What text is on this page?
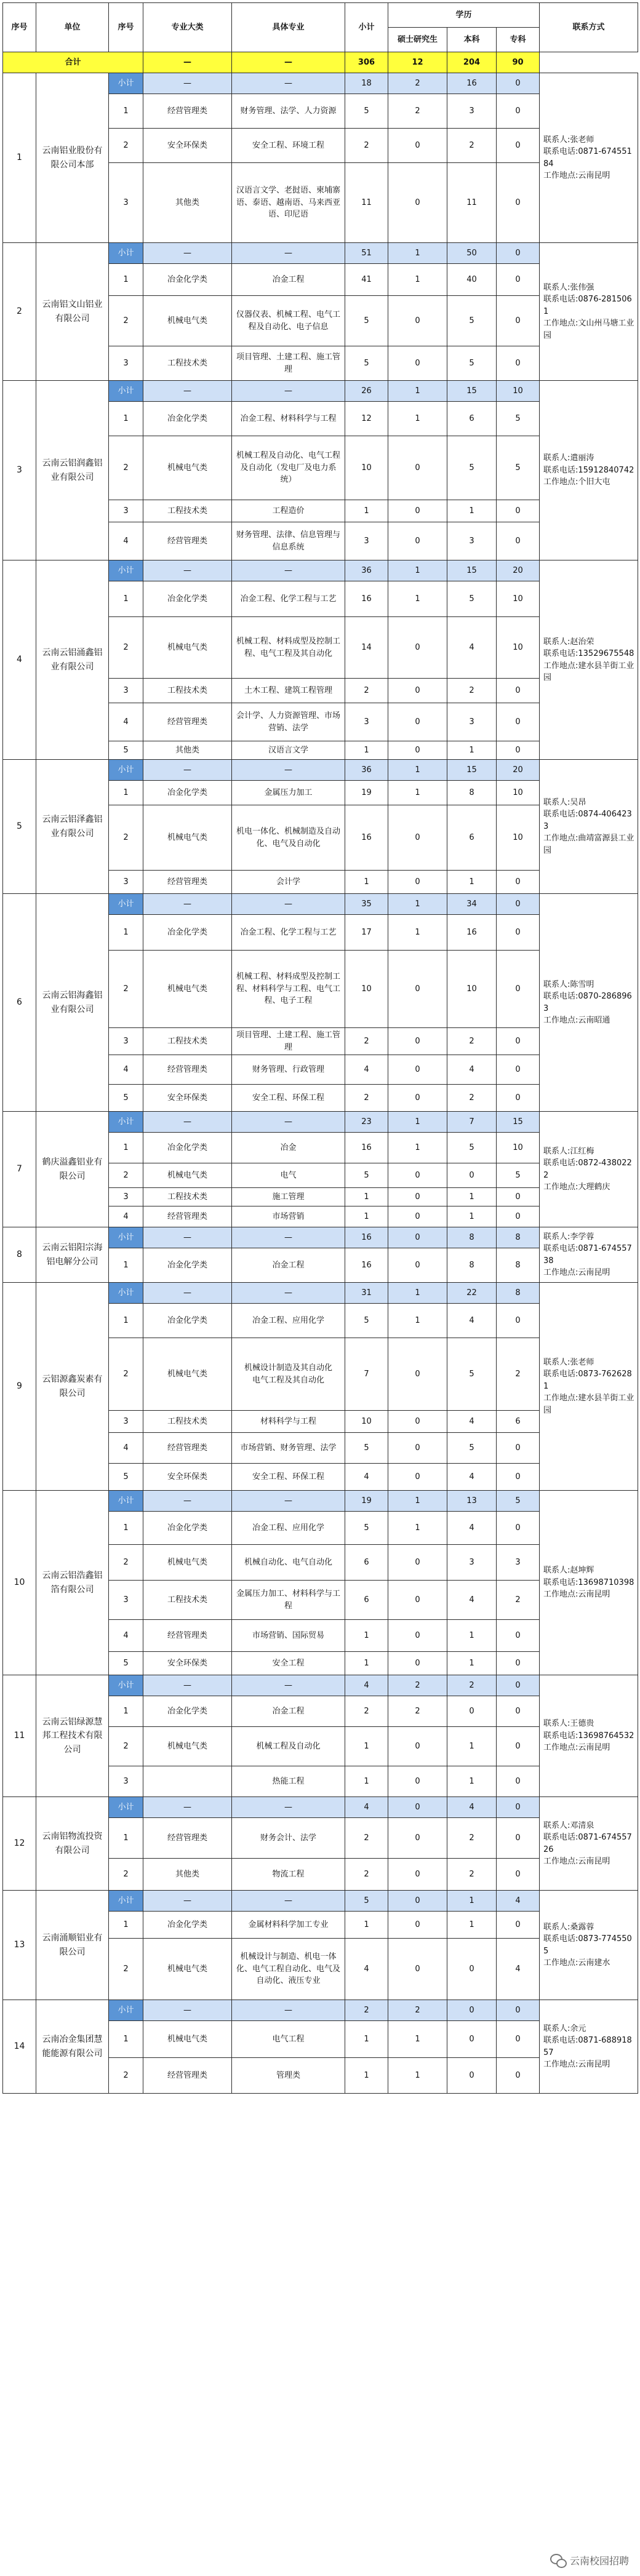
序号	单位	序号	专业大类	具体专业	小计	学历			联系方式
						硕士研究生	本科	专科	
合计			—	—	306	12	204	90	
1	云南铝业股份有限公司本部	小计	—	—	18	2	16	0	联系人:张老师
联系电话:0871-67455184
工作地点:云南昆明
		1	经营管理类	财务管理、法学、人力资源	5	2	3	0	
		2	安全环保类	安全工程、环境工程	2	0	2	0	
		3	其他类	汉语言文学、老挝语、柬埔寨语、泰语、越南语、马来西亚语、印尼语	11	0	11	0	
2	云南铝文山铝业有限公司	小计	—	—	51	1	50	0	联系人:张伟强
联系电话:0876-2815061
工作地点:文山州马塘工业园
		1	冶金化学类	冶金工程	41	1	40	0	
		2	机械电气类	仪器仪表、机械工程、电气工程及自动化、电子信息	5	0	5	0	
		3	工程技术类	项目管理、土建工程、施工管理	5	0	5	0	
3	云南云铝润鑫铝业有限公司	小计	—	—	26	1	15	10	联系人:遣丽涛
联系电话:15912840742
工作地点:个旧大屯
		1	冶金化学类	冶金工程、材料科学与工程	12	1	6	5	
		2	机械电气类	机械工程及自动化、电气工程及自动化（发电厂及电力系统）	10	0	5	5	
		3	工程技术类	工程造价	1	0	1	0	
		4	经营管理类	财务管理、法律、信息管理与信息系统	3	0	3	0	
4	云南云铝涌鑫铝业有限公司	小计	—	—	36	1	15	20	联系人:赵治荣
联系电话:13529675548
工作地点:建水县羊街工业园
		1	冶金化学类	冶金工程、化学工程与工艺	16	1	5	10	
		2	机械电气类	机械工程、材料成型及控制工程、电气工程及其自动化	14	0	4	10	
		3	工程技术类	土木工程、建筑工程管理	2	0	2	0	
		4	经营管理类	会计学、人力资源管理、市场营销、法学	3	0	3	0	
		5	其他类	汉语言文学	1	0	1	0	
5	云南云铝泽鑫铝业有限公司	小计	—	—	36	1	15	20	联系人:吴昂
联系电话:0874-4064233
工作地点:曲靖富源县工业园
		1	冶金化学类	金属压力加工	19	1	8	10	
		2	机械电气类	机电一体化、机械制造及自动化、电气及自动化	16	0	6	10	
		3	经营管理类	会计学	1	0	1	0	
6	云南云铝海鑫铝业有限公司	小计	—	—	35	1	34	0	联系人:陈雪明
联系电话:0870-2868963
工作地点:云南昭通
		1	冶金化学类	冶金工程、化学工程与工艺	17	1	16	0	
		2	机械电气类	机械工程、材料成型及控制工程、材料科学与工程、电气工程、电子工程	10	0	10	0	
		3	工程技术类	项目管理、土建工程、施工管理	2	0	2	0	
		4	经营管理类	财务管理、行政管理	4	0	4	0	
		5	安全环保类	安全工程、环保工程	2	0	2	0	
7	鹤庆溢鑫铝业有限公司	小计	—	—	23	1	7	15	联系人:江红梅
联系电话:0872-4380222
工作地点:大理鹤庆
		1	冶金化学类	冶金	16	1	5	10	
		2	机械电气类	电气	5	0	0	5	
		3	工程技术类	施工管理	1	0	1	0	
		4	经营管理类	市场营销	1	0	1	0	
8	云南云铝阳宗海铝电解分公司	小计	—	—	16	0	8	8	联系人:李学蓉
联系电话:0871-67455738
工作地点:云南昆明
		1	冶金化学类	冶金工程	16	0	8	8	
9	云铝源鑫炭素有限公司	小计	—	—	31	1	22	8	联系人:张老师
联系电话:0873-7626281
工作地点:建水县羊街工业园
		1	冶金化学类	冶金工程、应用化学	5	1	4	0	
		2	机械电气类	机械设计制造及其自动化
电气工程及其自动化	7	0	5	2	
		3	工程技术类	材料科学与工程	10	0	4	6	
		4	经营管理类	市场营销、财务管理、法学	5	0	5	0	
		5	安全环保类	安全工程、环保工程	4	0	4	0	
10	云南云铝浩鑫铝箔有限公司	小计	—	—	19	1	13	5	联系人:赵坤辉
联系电话:13698710398
工作地点:云南昆明
		1	冶金化学类	冶金工程、应用化学	5	1	4	0	
		2	机械电气类	机械自动化、电气自动化	6	0	3	3	
		3	工程技术类	金属压力加工、材料科学与工程	6	0	4	2	
		4	经营管理类	市场营销、国际贸易	1	0	1	0	
		5	安全环保类	安全工程	1	0	1	0	
11	云南云铝绿源慧邦工程技术有限公司	小计	—	—	4	2	2	0	联系人:王德贵
联系电话:13698764532
工作地点:云南昆明
		1	冶金化学类	冶金工程	2	2	0	0	
		2	机械电气类	机械工程及自动化	1	0	1	0	
		3		热能工程	1	0	1	0	
12	云南铝物流投资有限公司	小计	—	—	4	0	4	0	联系人:邓清泉
联系电话:0871-67455726
工作地点:云南昆明
		1	经营管理类	财务会计、法学	2	0	2	0	
		2	其他类	物流工程	2	0	2	0	
13	云南涌顺铝业有限公司	小计	—	—	5	0	1	4	联系人:桑露蓉
联系电话:0873-7745505
工作地点:云南建水
		1	冶金化学类	金属材料科学加工专业	1	0	1	0	
		2	机械电气类	机械设计与制造、机电一体化、电气工程自动化、电气及自动化、液压专业	4	0	0	4	
14	云南冶金集团慧能能源有限公司	小计	—	—	2	2	0	0	联系人:余元
联系电话:0871-68891857
工作地点:云南昆明
		1	机械电气类	电气工程	1	1	0	0	
		2	经营管理类	管理类	1	1	0	0	
云南校园招聘
